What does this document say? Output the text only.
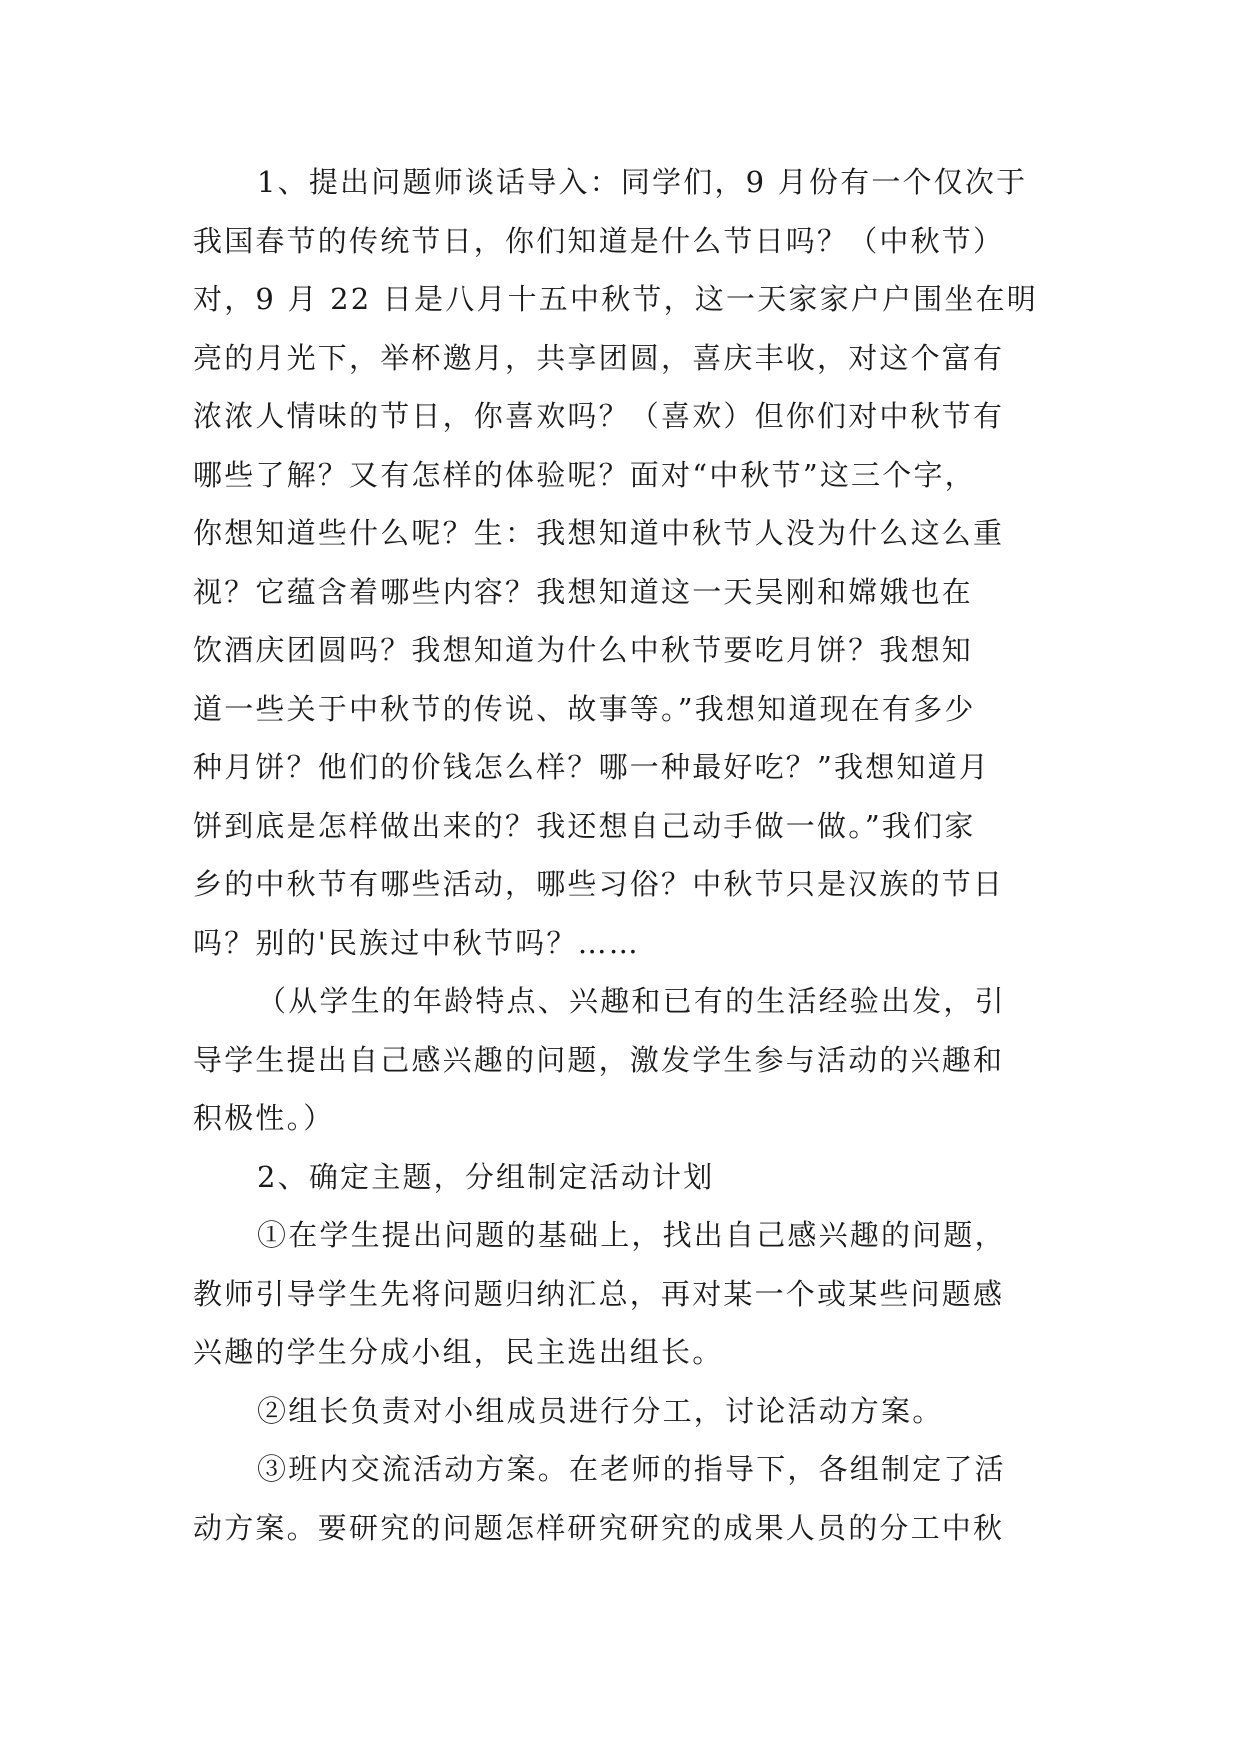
1、提出问题师谈话导入：同学们，9 月份有一个仅次于
我国春节的传统节日，你们知道是什么节日吗？（中秋节）
对，9 月 22 日是八月十五中秋节，这一天家家户户围坐在明
亮的月光下，举杯邀月，共享团圆，喜庆丰收，对这个富有
浓浓人情味的节日，你喜欢吗？（喜欢）但你们对中秋节有
哪些了解？又有怎样的体验呢？面对“中秋节”这三个字，
你想知道些什么呢？生：我想知道中秋节人没为什么这么重
视？它蕴含着哪些内容？我想知道这一天吴刚和嫦娥也在
饮酒庆团圆吗？我想知道为什么中秋节要吃月饼？我想知
道一些关于中秋节的传说、故事等。”我想知道现在有多少
种月饼？他们的价钱怎么样？哪一种最好吃？”我想知道月
饼到底是怎样做出来的？我还想自己动手做一做。”我们家
乡的中秋节有哪些活动，哪些习俗？中秋节只是汉族的节日
吗？别的'民族过中秋节吗？……
（从学生的年龄特点、兴趣和已有的生活经验出发，引
导学生提出自己感兴趣的问题，激发学生参与活动的兴趣和
积极性。）
2、确定主题，分组制定活动计划
①在学生提出问题的基础上，找出自己感兴趣的问题，
教师引导学生先将问题归纳汇总，再对某一个或某些问题感
兴趣的学生分成小组，民主选出组长。
②组长负责对小组成员进行分工，讨论活动方案。
③班内交流活动方案。在老师的指导下，各组制定了活
动方案。要研究的问题怎样研究研究的成果人员的分工中秋
